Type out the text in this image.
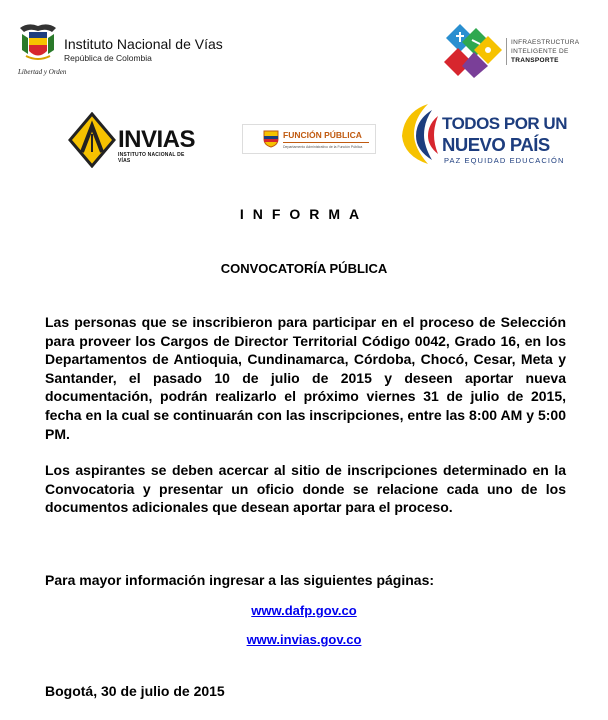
Libertad y Orden
Instituto Nacional de Vías
República de Colombia
INFRAESTRUCTURA
INTELIGENTE DE
TRANSPORTE
INVIAS
INSTITUTO NACIONAL DE VÍAS
FUNCIÓN PÚBLICA
Departamento Administrativo de la Función Pública
TODOS POR UN
NUEVO PAÍS
PAZ EQUIDAD EDUCACIÓN
INFORMA
CONVOCATORÍA PÚBLICA

Las personas que se inscribieron para participar en el proceso de Selección para proveer los Cargos de Director Territorial Código 0042, Grado 16, en los Departamentos de Antioquia, Cundinamarca, Córdoba, Chocó, Cesar, Meta y Santander, el pasado 10 de julio de 2015 y deseen aportar nueva documentación, podrán realizarlo el próximo viernes 31 de julio de 2015, fecha en la cual se continuarán con las inscripciones, entre las 8:00 AM y 5:00 PM.

Los aspirantes se deben acercar al sitio de inscripciones determinado en la Convocatoria y presentar un oficio donde se relacione cada uno de los documentos adicionales que desean aportar para el proceso.

Para mayor información ingresar a las siguientes páginas:
www.dafp.gov.co
www.invias.gov.co
Bogotá, 30 de julio de 2015
